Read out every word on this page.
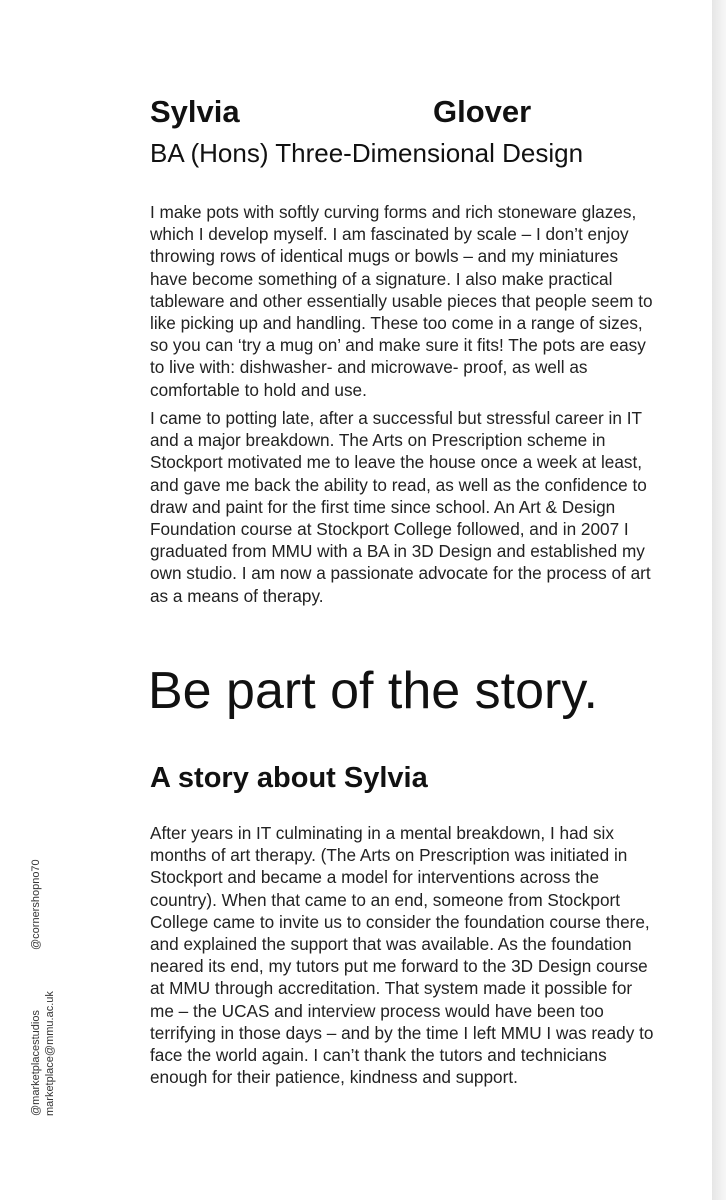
Sylvia	Glover
BA (Hons) Three-Dimensional Design

I make pots with softly curving forms and rich stoneware glazes, which I develop myself. I am fascinated by scale – I don’t enjoy throwing rows of identical mugs or bowls – and my miniatures have become something of a signature. I also make practical tableware and other essentially usable pieces that people seem to like picking up and handling. These too come in a range of sizes, so you can ‘try a mug on’ and make sure it fits! The pots are easy to live with: dishwasher- and microwave- proof, as well as comfortable to hold and use.

I came to potting late, after a successful but stressful career in IT and a major breakdown. The Arts on Prescription scheme in Stockport motivated me to leave the house once a week at least, and gave me back the ability to read, as well as the confidence to draw and paint for the first time since school. An Art & Design Foundation course at Stockport College followed, and in 2007 I graduated from MMU with a BA in 3D Design and established my own studio. I am now a passionate advocate for the process of art as a means of therapy.

Be part of the story.
A story about Sylvia

After years in IT culminating in a mental breakdown, I had six months of art therapy. (The Arts on Prescription was initiated in Stockport and became a model for interventions across the country). When that came to an end, someone from Stockport College came to invite us to consider the foundation course there, and explained the support that was available. As the foundation neared its end, my tutors put me forward to the 3D Design course at MMU through accreditation. That system made it possible for me – the UCAS and interview process would have been too terrifying in those days – and by the time I left MMU I was ready to face the world again. I can’t thank the tutors and technicians enough for their patience, kindness and support.

@marketplacestudios marketplace@mmu.ac.uk
@cornershopno70
